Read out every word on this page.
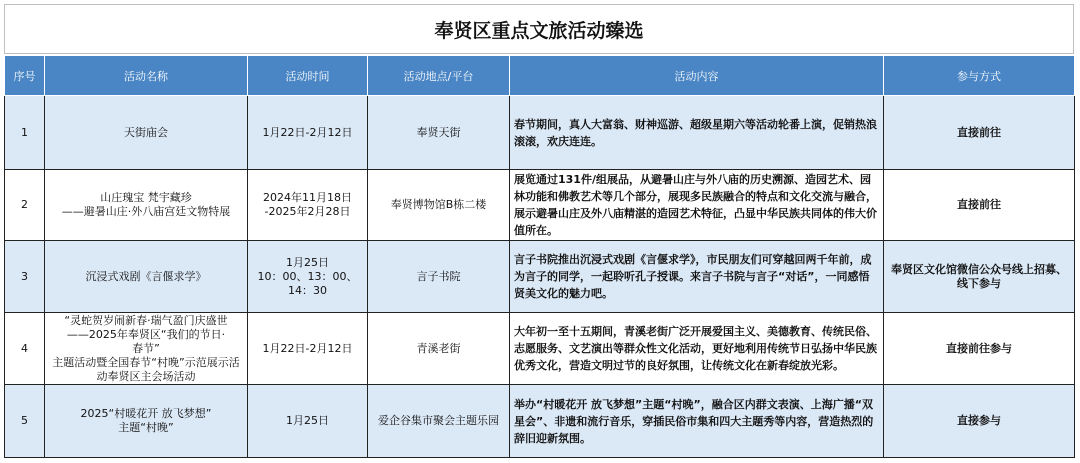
奉贤区重点文旅活动臻选
序号	活动名称	活动时间	活动地点/平台	活动内容	参与方式
1	天街庙会	1月22日-2月12日	奉贤天街	春节期间，真人大富翁、财神巡游、超级星期六等活动轮番上演，促销热浪滚滚，欢庆连连。	直接前往
2	山庄瑰宝 梵宇藏珍
——避暑山庄·外八庙宫廷文物特展	2024年11月18日
-2025年2月28日	奉贤博物馆B栋二楼	展览通过131件/组展品，从避暑山庄与外八庙的历史溯源、造园艺术、园林功能和佛教艺术等几个部分，展现多民族融合的特点和文化交流与融合，展示避暑山庄及外八庙精湛的造园艺术特征，凸显中华民族共同体的伟大价值所在。	直接前往
3	沉浸式戏剧《言偃求学》	1月25日
10：00、13：00、
14：30	言子书院	言子书院推出沉浸式戏剧《言偃求学》，市民朋友们可穿越回两千年前，成为言子的同学，一起聆听孔子授课。来言子书院与言子“对话”，一同感悟贤美文化的魅力吧。	奉贤区文化馆微信公众号线上招募、线下参与
4	“灵蛇贺岁闹新春·瑞气盈门庆盛世
——2025年奉贤区“我们的节日·
春节”
主题活动暨全国春节“村晚”示范展示活动奉贤区主会场活动	1月22日-2月12日	青溪老街	大年初一至十五期间，青溪老街广泛开展爱国主义、美德教育、传统民俗、志愿服务、文艺演出等群众性文化活动，更好地利用传统节日弘扬中华民族优秀文化，营造文明过节的良好氛围，让传统文化在新春绽放光彩。	直接前往参与
5	2025“村暖花开 放飞梦想”
主题“村晚”	1月25日	爱企谷集市聚会主题乐园	举办“村暖花开 放飞梦想”主题“村晚”，融合区内群文表演、上海广播“双星会”、非遗和流行音乐，穿插民俗市集和四大主题秀等内容，营造热烈的辞旧迎新氛围。	直接参与
